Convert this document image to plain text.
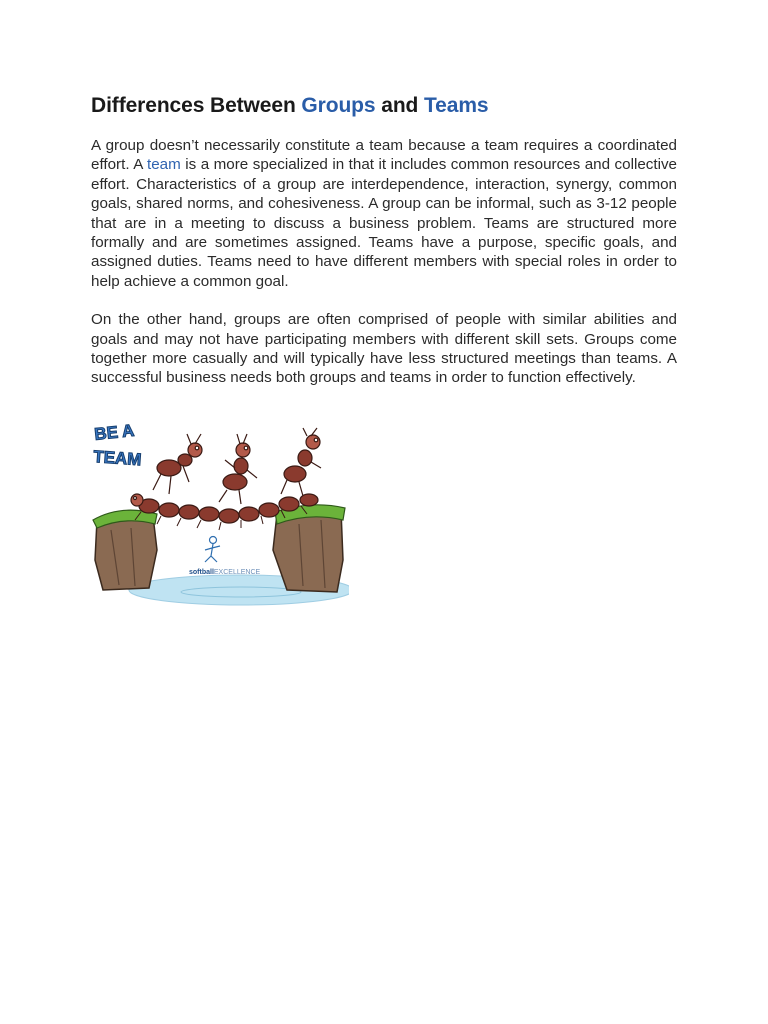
Differences Between Groups and Teams

A group doesn’t necessarily constitute a team because a team requires a coordinated effort. A team is a more specialized in that it includes common resources and collective effort. Characteristics of a group are interdependence, interaction, synergy, common goals, shared norms, and cohesiveness. A group can be informal, such as 3-12 people that are in a meeting to discuss a business problem. Teams are structured more formally and are sometimes assigned. Teams have a purpose, specific goals, and assigned duties. Teams need to have different members with special roles in order to help achieve a common goal.

On the other hand, groups are often comprised of people with similar abilities and goals and may not have participating members with different skill sets. Groups come together more casually and will typically have less structured meetings than teams. A successful business needs both groups and teams in order to function effectively.

BE A
TEAM
softballEXCELLENCE
